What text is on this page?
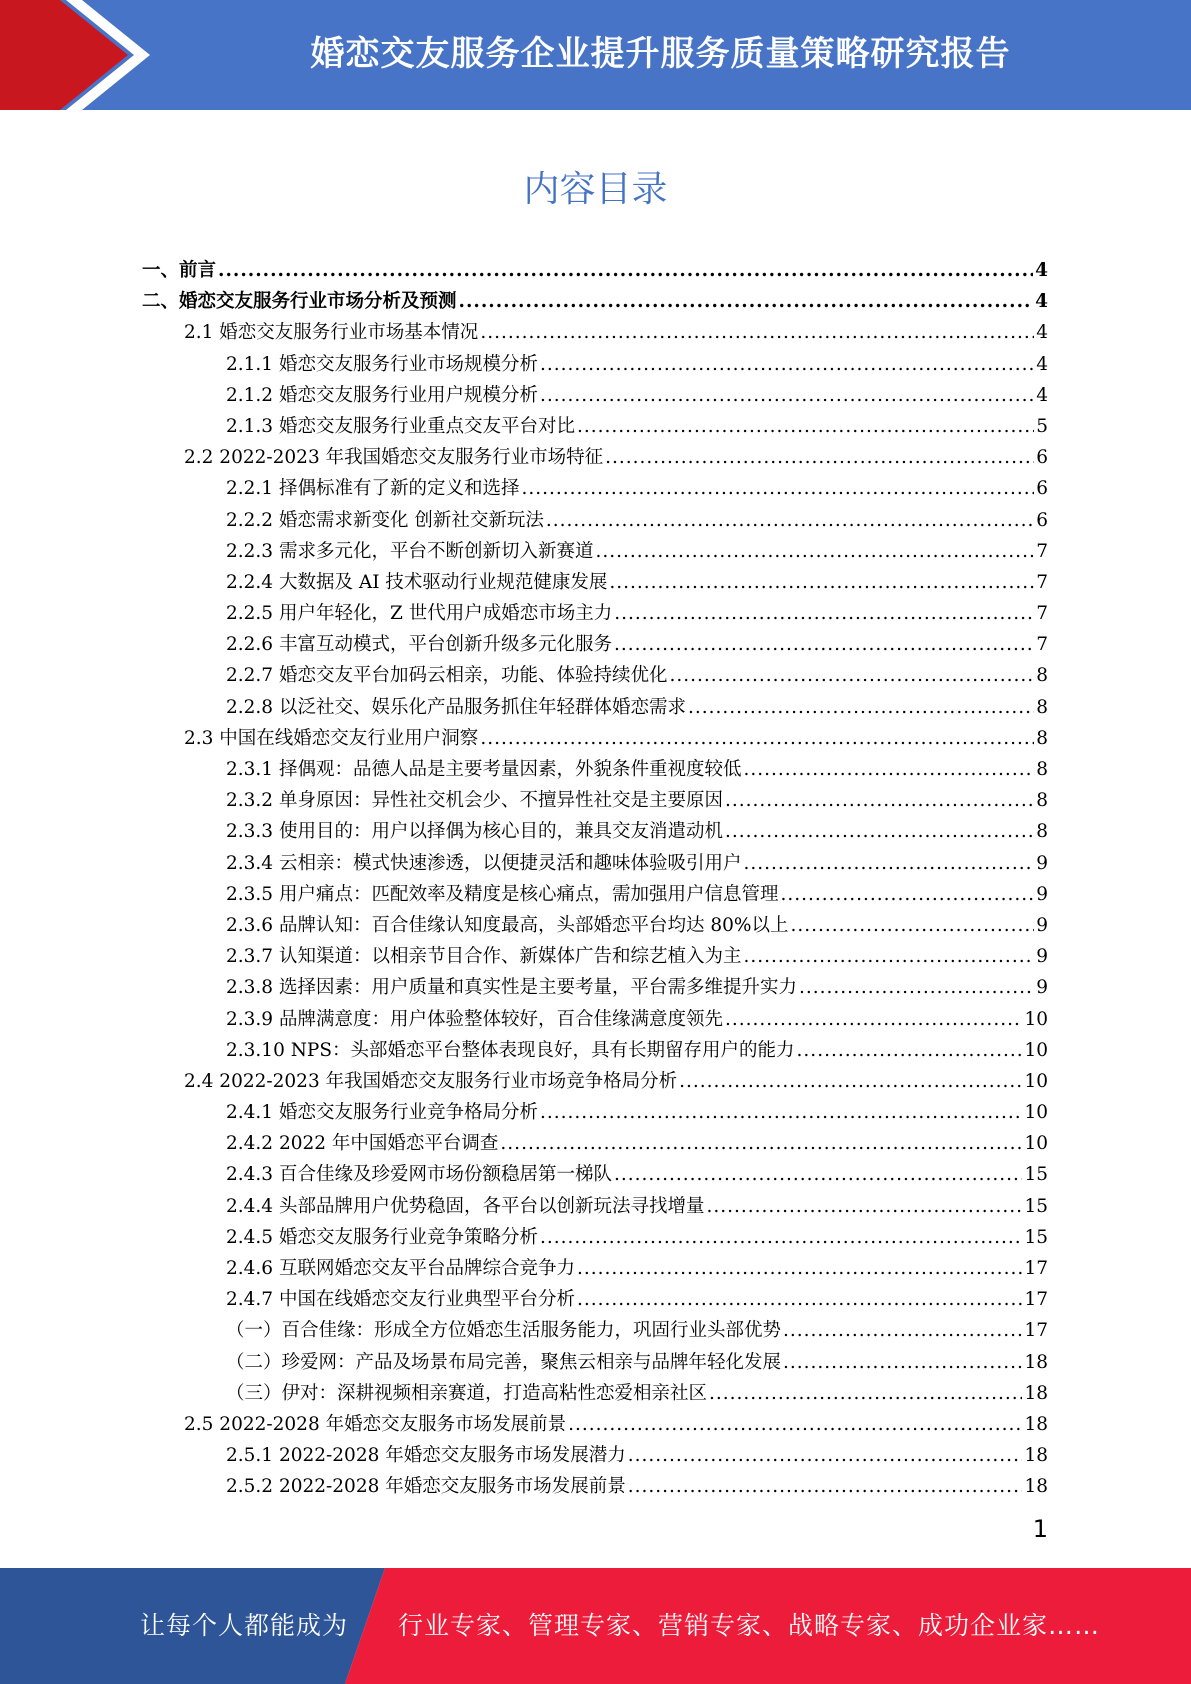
婚恋交友服务企业提升服务质量策略研究报告
内容目录
一、前言 .....	4
二、婚恋交友服务行业市场分析及预测 .....	4
2.1 婚恋交友服务行业市场基本情况 .....	4
2.1.1 婚恋交友服务行业市场规模分析 .....	4
2.1.2 婚恋交友服务行业用户规模分析 .....	4
2.1.3 婚恋交友服务行业重点交友平台对比 .....	5
2.2 2022-2023 年我国婚恋交友服务行业市场特征 .....	6
2.2.1 择偶标准有了新的定义和选择 .....	6
2.2.2 婚恋需求新变化 创新社交新玩法 .....	6
2.2.3 需求多元化，平台不断创新切入新赛道 .....	7
2.2.4 大数据及 AI 技术驱动行业规范健康发展 .....	7
2.2.5 用户年轻化，Z 世代用户成婚恋市场主力 .....	7
2.2.6 丰富互动模式，平台创新升级多元化服务 .....	7
2.2.7 婚恋交友平台加码云相亲，功能、体验持续优化 .....	8
2.2.8 以泛社交、娱乐化产品服务抓住年轻群体婚恋需求 .....	8
2.3 中国在线婚恋交友行业用户洞察 .....	8
2.3.1 择偶观：品德人品是主要考量因素，外貌条件重视度较低 .....	8
2.3.2 单身原因：异性社交机会少、不擅异性社交是主要原因 .....	8
2.3.3 使用目的：用户以择偶为核心目的，兼具交友消遣动机 .....	8
2.3.4 云相亲：模式快速渗透，以便捷灵活和趣味体验吸引用户 .....	9
2.3.5 用户痛点：匹配效率及精度是核心痛点，需加强用户信息管理 .....	9
2.3.6 品牌认知：百合佳缘认知度最高，头部婚恋平台均达 80%以上 .....	9
2.3.7 认知渠道：以相亲节目合作、新媒体广告和综艺植入为主 .....	9
2.3.8 选择因素：用户质量和真实性是主要考量，平台需多维提升实力 .....	9
2.3.9 品牌满意度：用户体验整体较好，百合佳缘满意度领先 .....	10
2.3.10 NPS：头部婚恋平台整体表现良好，具有长期留存用户的能力 .....	10
2.4 2022-2023 年我国婚恋交友服务行业市场竞争格局分析 .....	10
2.4.1 婚恋交友服务行业竞争格局分析 .....	10
2.4.2 2022 年中国婚恋平台调查 .....	10
2.4.3 百合佳缘及珍爱网市场份额稳居第一梯队 .....	15
2.4.4 头部品牌用户优势稳固，各平台以创新玩法寻找增量 .....	15
2.4.5 婚恋交友服务行业竞争策略分析 .....	15
2.4.6 互联网婚恋交友平台品牌综合竞争力 .....	17
2.4.7 中国在线婚恋交友行业典型平台分析 .....	17
（一）百合佳缘：形成全方位婚恋生活服务能力，巩固行业头部优势 .....	17
（二）珍爱网：产品及场景布局完善，聚焦云相亲与品牌年轻化发展 .....	18
（三）伊对：深耕视频相亲赛道，打造高粘性恋爱相亲社区 .....	18
2.5 2022-2028 年婚恋交友服务市场发展前景 .....	18
2.5.1 2022-2028 年婚恋交友服务市场发展潜力 .....	18
2.5.2 2022-2028 年婚恋交友服务市场发展前景 .....	18
1
让每个人都能成为 行业专家、管理专家、营销专家、战略专家、成功企业家……
